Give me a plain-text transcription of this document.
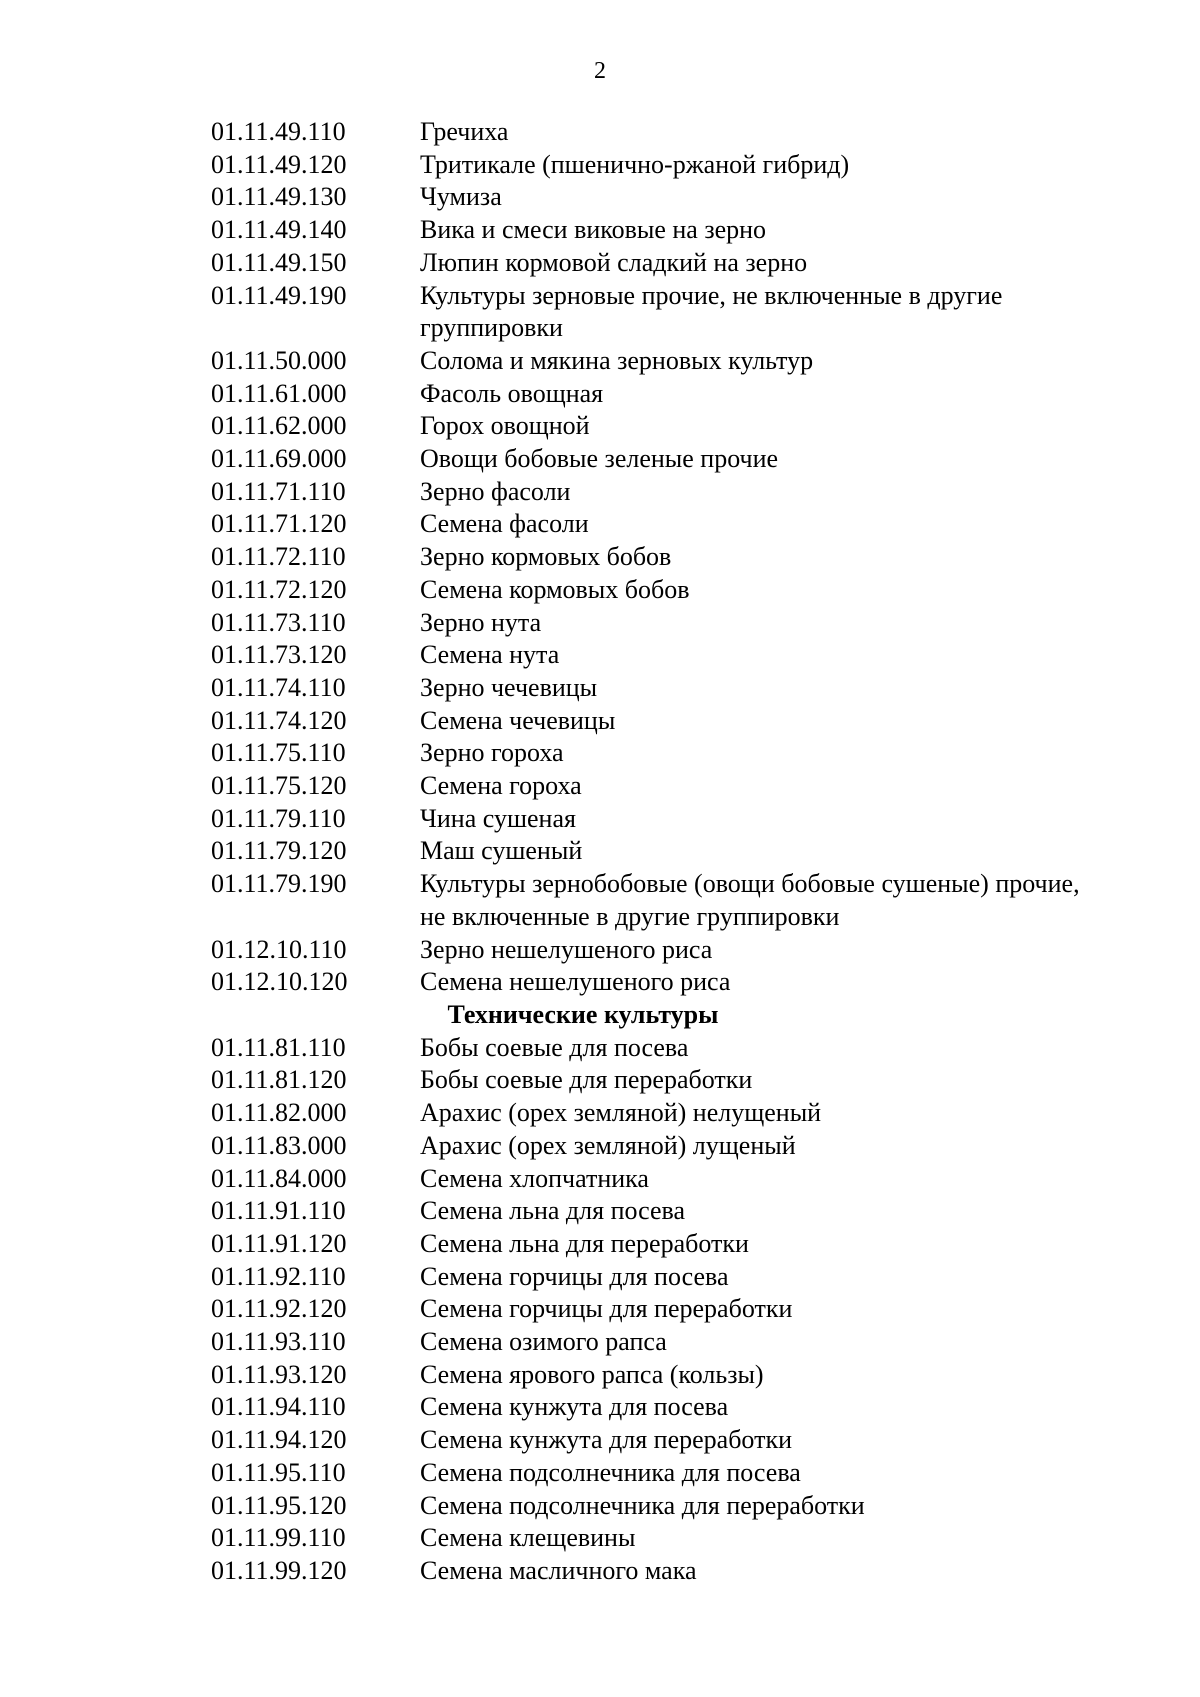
2
01.11.49.110	Гречиха
01.11.49.120	Тритикале (пшенично-ржаной гибрид)
01.11.49.130	Чумиза
01.11.49.140	Вика и смеси виковые на зерно
01.11.49.150	Люпин кормовой сладкий на зерно
01.11.49.190	Культуры зерновые прочие, не включенные в другие группировки
01.11.50.000	Солома и мякина зерновых культур
01.11.61.000	Фасоль овощная
01.11.62.000	Горох овощной
01.11.69.000	Овощи бобовые зеленые прочие
01.11.71.110	Зерно фасоли
01.11.71.120	Семена фасоли
01.11.72.110	Зерно кормовых бобов
01.11.72.120	Семена кормовых бобов
01.11.73.110	Зерно нута
01.11.73.120	Семена нута
01.11.74.110	Зерно чечевицы
01.11.74.120	Семена чечевицы
01.11.75.110	Зерно гороха
01.11.75.120	Семена гороха
01.11.79.110	Чина сушеная
01.11.79.120	Маш сушеный
01.11.79.190	Культуры зернобобовые (овощи бобовые сушеные) прочие, не включенные в другие группировки
01.12.10.110	Зерно нешелушеного риса
01.12.10.120	Семена нешелушеного риса
Технические культуры
01.11.81.110	Бобы соевые для посева
01.11.81.120	Бобы соевые для переработки
01.11.82.000	Арахис (орех земляной) нелущеный
01.11.83.000	Арахис (орех земляной) лущеный
01.11.84.000	Семена хлопчатника
01.11.91.110	Семена льна для посева
01.11.91.120	Семена льна для переработки
01.11.92.110	Семена горчицы для посева
01.11.92.120	Семена горчицы для переработки
01.11.93.110	Семена озимого рапса
01.11.93.120	Семена ярового рапса (кользы)
01.11.94.110	Семена кунжута для посева
01.11.94.120	Семена кунжута для переработки
01.11.95.110	Семена подсолнечника для посева
01.11.95.120	Семена подсолнечника для переработки
01.11.99.110	Семена клещевины
01.11.99.120	Семена масличного мака
